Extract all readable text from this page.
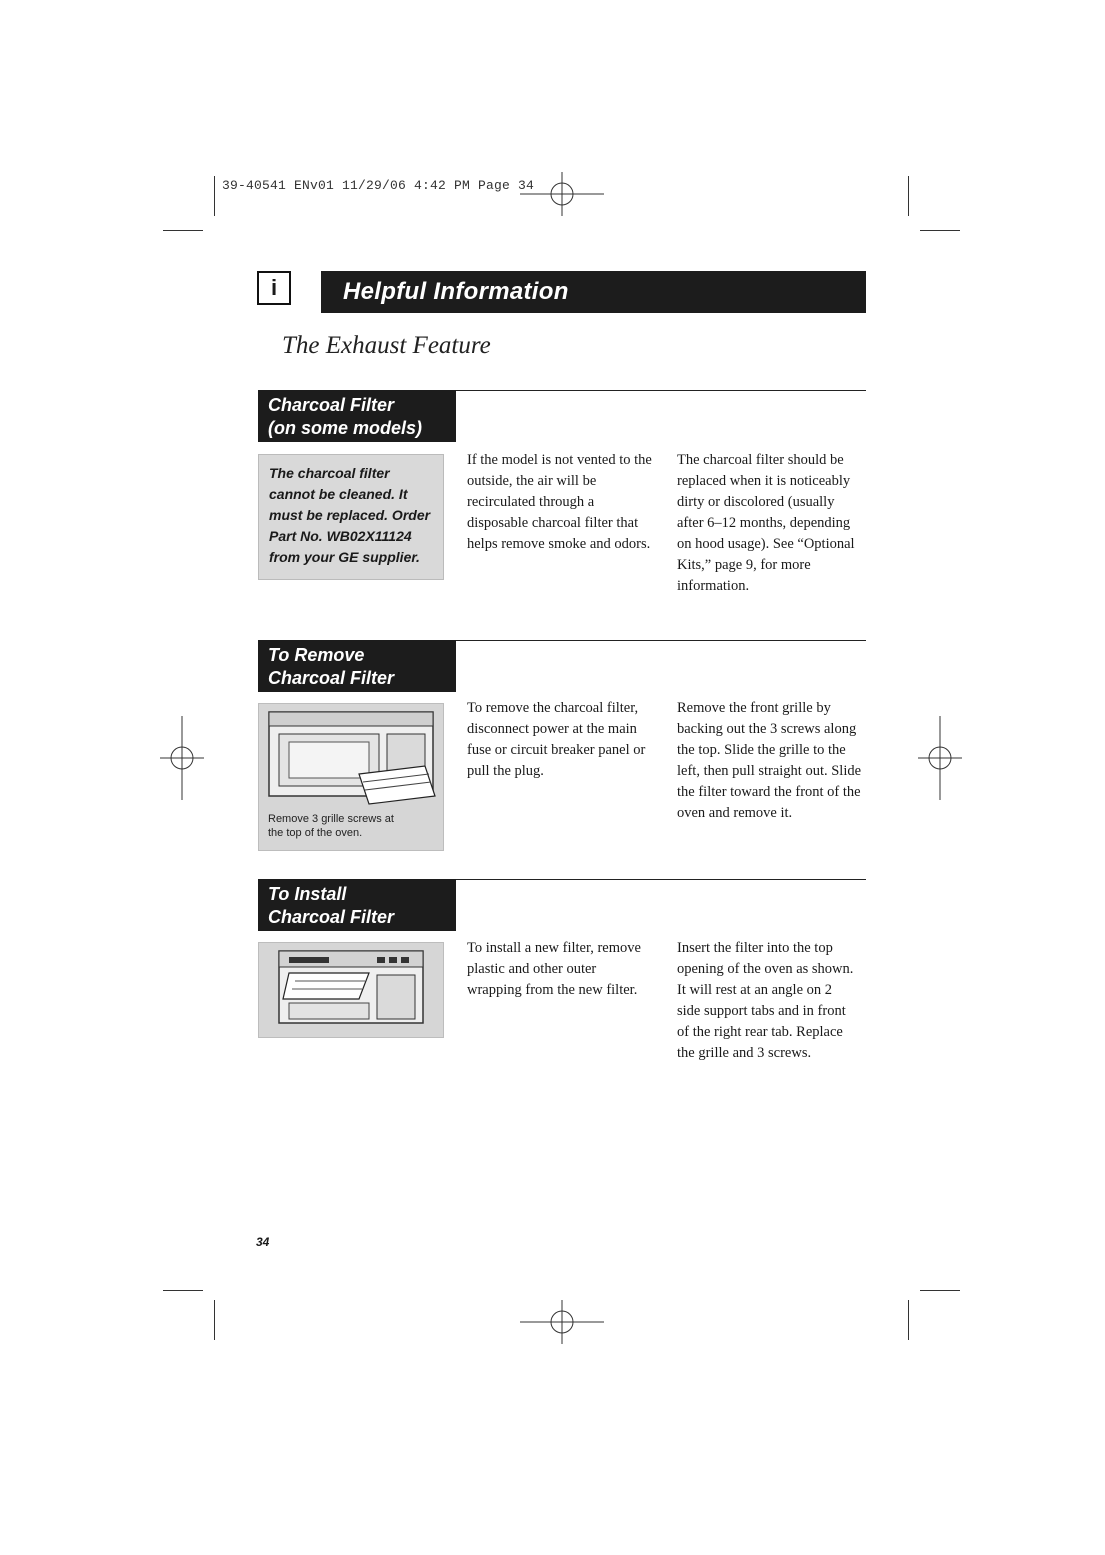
39-40541 ENv01 11/29/06 4:42 PM Page 34
i	Helpful Information
The Exhaust Feature
Charcoal Filter
(on some models)
The charcoal filter cannot be cleaned. It must be replaced. Order Part No. WB02X11124 from your GE supplier.
If the model is not vented to the outside, the air will be recirculated through a disposable charcoal filter that helps remove smoke and odors.
The charcoal filter should be replaced when it is noticeably dirty or discolored (usually after 6–12 months, depending on hood usage). See “Optional Kits,” page 9, for more information.
To Remove
Charcoal Filter
Remove 3 grille screws at the top of the oven.
To remove the charcoal filter, disconnect power at the main fuse or circuit breaker panel or pull the plug.
Remove the front grille by backing out the 3 screws along the top. Slide the grille to the left, then pull straight out. Slide the filter toward the front of the oven and remove it.
To Install
Charcoal Filter
To install a new filter, remove plastic and other outer wrapping from the new filter.
Insert the filter into the top opening of the oven as shown. It will rest at an angle on 2 side support tabs and in front of the right rear tab. Replace the grille and 3 screws.
34
